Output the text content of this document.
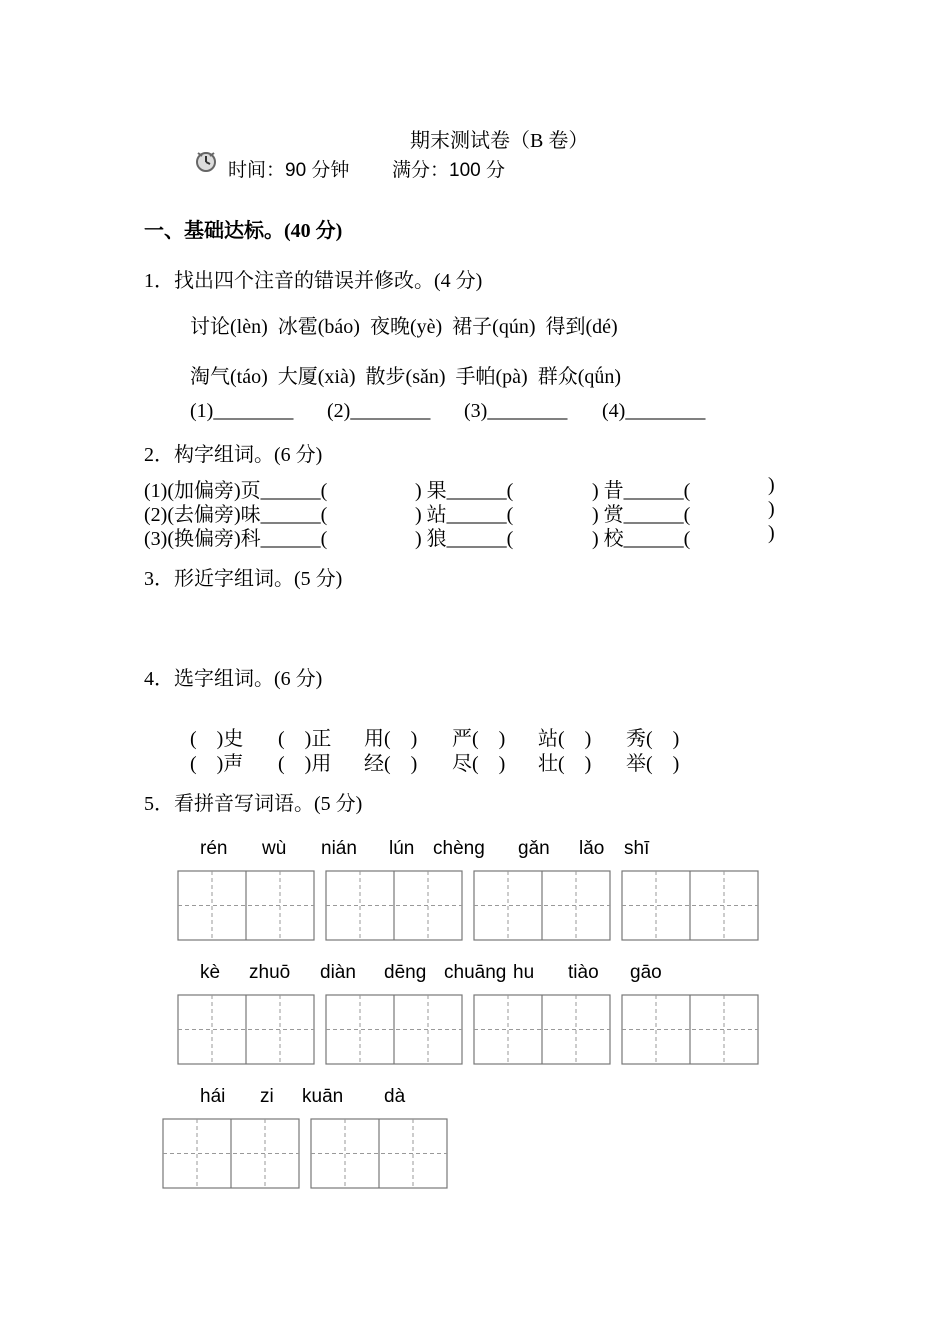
期末测试卷（B 卷）
时间：90 分钟 满分：100 分
一、基础达标。(40 分)
1．找出四个注音的错误并修改。(4 分)
讨论(lèn) 冰雹(báo) 夜晚(yè) 裙子(qún) 得到(dé)
淘气(táo) 大厦(xià) 散步(sǎn) 手帕(pà) 群众(qǘn)
(1)________ (2)________ (3)________ (4)________
2．构字组词。(6 分)
(1)(加偏旁)页______(	) 果______(	) 昔______(	)
(2)(去偏旁)味______(	) 站______(	) 赏______(	)
(3)(换偏旁)科______(	) 狼______(	) 校______(	)
3．形近字组词。(5 分)
4．选字组词。(6 分)
(    )史 (    )正 用(    ) 严(    ) 站(    ) 秀(    )
(    )声 (    )用 经(    ) 尽(    ) 壮(    ) 举(    )
5．看拼音写词语。(5 分)
rén wù nián lún chèng gǎn lǎo shī
kè zhuō diàn dēng chuāng hu tiào gāo
hái zi kuān dà
